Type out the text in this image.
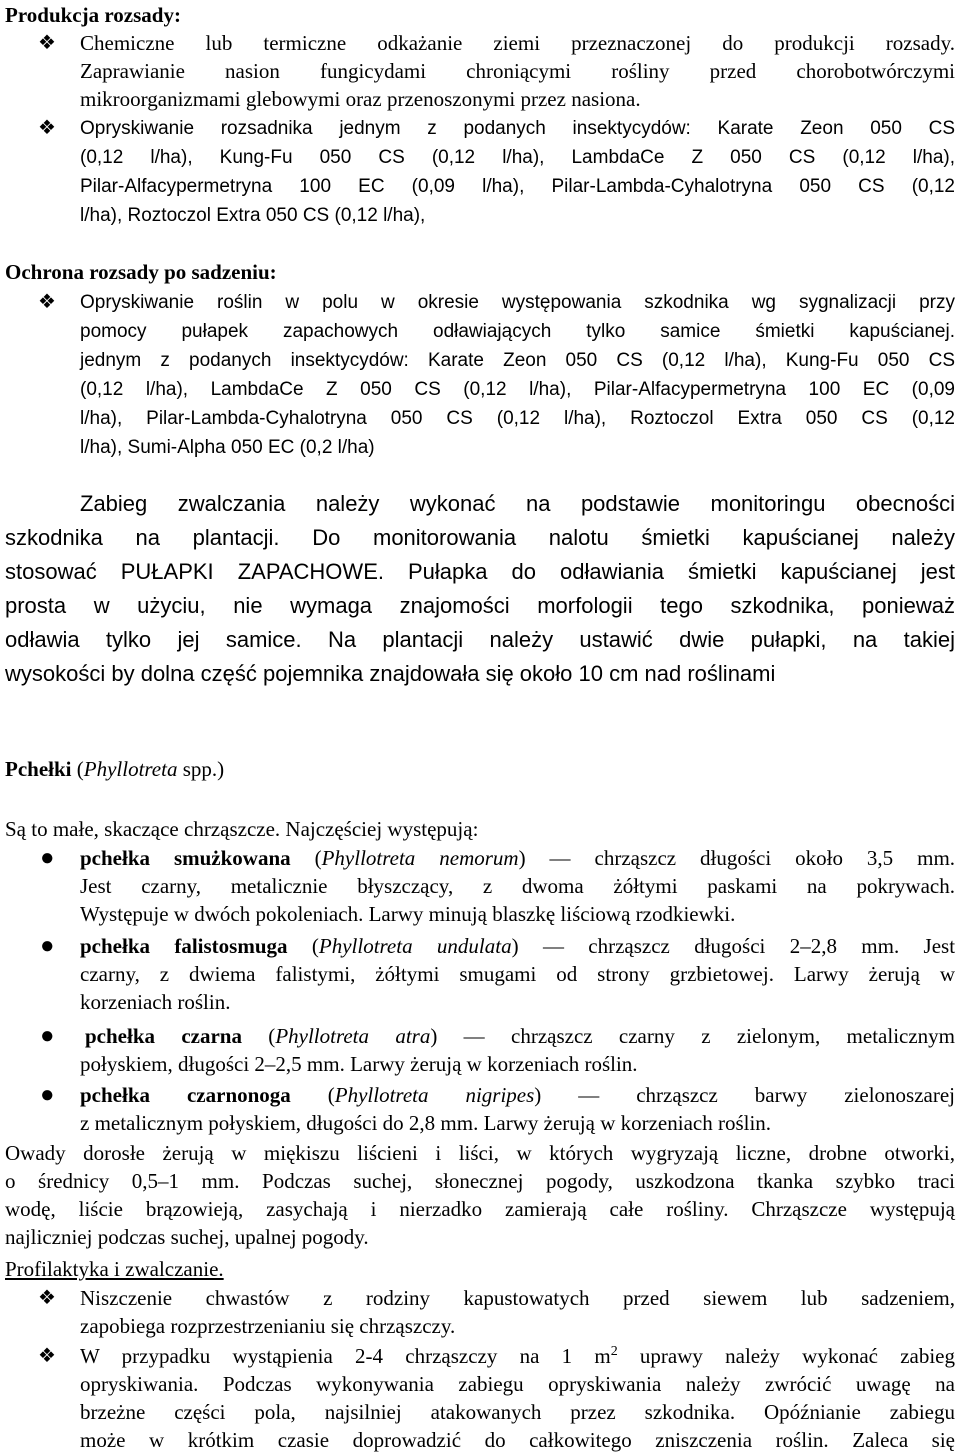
Produkcja rozsady:
❖ Chemiczne lub termiczne odkażanie ziemi przeznaczonej do produkcji rozsady.
Zaprawianie nasion fungicydami chroniącymi rośliny przed chorobotwórczymi
mikroorganizmami glebowymi oraz przenoszonymi przez nasiona.
❖ Opryskiwanie rozsadnika jednym z podanych insektycydów: Karate Zeon 050 CS
(0,12 l/ha), Kung-Fu 050 CS (0,12 l/ha), LambdaCe Z 050 CS (0,12 l/ha),
Pilar-Alfacypermetryna 100 EC (0,09 l/ha), Pilar-Lambda-Cyhalotryna 050 CS (0,12
l/ha), Roztoczol Extra 050 CS (0,12 l/ha),
Ochrona rozsady po sadzeniu:
❖ Opryskiwanie roślin w polu w okresie występowania szkodnika wg sygnalizacji przy
pomocy pułapek zapachowych odławiających tylko samice śmietki kapuścianej.
jednym z podanych insektycydów: Karate Zeon 050 CS (0,12 l/ha), Kung-Fu 050 CS
(0,12 l/ha), LambdaCe Z 050 CS (0,12 l/ha), Pilar-Alfacypermetryna 100 EC (0,09
l/ha), Pilar-Lambda-Cyhalotryna 050 CS (0,12 l/ha), Roztoczol Extra 050 CS (0,12
l/ha), Sumi-Alpha 050 EC (0,2 l/ha)
Zabieg zwalczania należy wykonać na podstawie monitoringu obecności
szkodnika na plantacji. Do monitorowania nalotu śmietki kapuścianej należy
stosować PUŁAPKI ZAPACHOWE. Pułapka do odławiania śmietki kapuścianej jest
prosta w użyciu, nie wymaga znajomości morfologii tego szkodnika, ponieważ
odławia tylko jej samice. Na plantacji należy ustawić dwie pułapki, na takiej
wysokości by dolna część pojemnika znajdowała się około 10 cm nad roślinami
Pchełki (Phyllotreta spp.)
Są to małe, skaczące chrząszcze. Najczęściej występują:
● pchełka smużkowana (Phyllotreta nemorum) — chrząszcz długości około 3,5 mm.
Jest czarny, metalicznie błyszczący, z dwoma żółtymi paskami na pokrywach.
Występuje w dwóch pokoleniach. Larwy minują blaszkę liściową rzodkiewki.
● pchełka falistosmuga (Phyllotreta undulata) — chrząszcz długości 2–2,8 mm. Jest
czarny, z dwiema falistymi, żółtymi smugami od strony grzbietowej. Larwy żerują w
korzeniach roślin.
● pchełka czarna (Phyllotreta atra) — chrząszcz czarny z zielonym, metalicznym
połyskiem, długości 2–2,5 mm. Larwy żerują w korzeniach roślin.
● pchełka czarnonoga (Phyllotreta nigripes) — chrząszcz barwy zielonoszarej
z metalicznym połyskiem, długości do 2,8 mm. Larwy żerują w korzeniach roślin.
Owady dorosłe żerują w miękiszu liścieni i liści, w których wygryzają liczne, drobne otworki,
o średnicy 0,5–1 mm. Podczas suchej, słonecznej pogody, uszkodzona tkanka szybko traci
wodę, liście brązowieją, zasychają i nierzadko zamierają całe rośliny. Chrząszcze występują
najliczniej podczas suchej, upalnej pogody.
Profilaktyka i zwalczanie.
❖ Niszczenie chwastów z rodziny kapustowatych przed siewem lub sadzeniem,
zapobiega rozprzestrzenianiu się chrząszczy.
❖ W przypadku wystąpienia 2-4 chrząszczy na 1 $m^2$ uprawy należy wykonać zabieg
opryskiwania. Podczas wykonywania zabiegu opryskiwania należy zwrócić uwagę na
brzeżne części pola, najsilniej atakowanych przez szkodnika. Opóźnianie zabiegu
może w krótkim czasie doprowadzić do całkowitego zniszczenia roślin. Zaleca się
